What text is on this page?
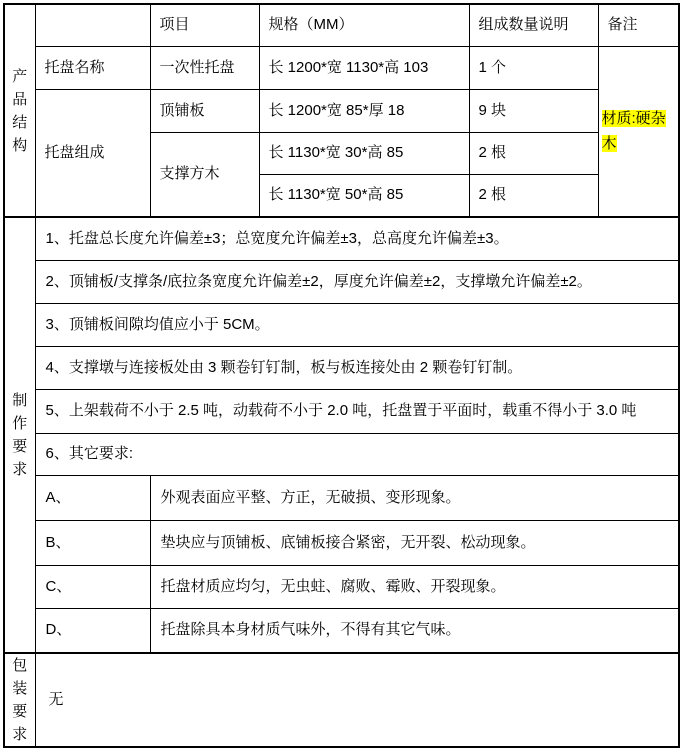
产品结构		项目	规格（MM）	组成数量说明	备注
	托盘名称	一次性托盘	长 1200*宽 1130*高 103	1 个	材质:硬杂木
	托盘组成	顶铺板	长 1200*宽 85*厚 18	9 块	
		支撑方木	长 1130*宽 30*高 85	2 根	
			长 1130*宽 50*高 85	2 根	

制作要求	1、托盘总长度允许偏差±3；总宽度允许偏差±3，总高度允许偏差±3。				
	2、顶铺板/支撑条/底拉条宽度允许偏差±2，厚度允许偏差±2，支撑墩允许偏差±2。				
	3、顶铺板间隙均值应小于 5CM。				
	4、支撑墩与连接板处由 3 颗卷钉钉制，板与板连接处由 2 颗卷钉钉制。				
	5、上架载荷不小于 2.5 吨，动载荷不小于 2.0 吨，托盘置于平面时，载重不得小于 3.0 吨				
	6、其它要求:				
	A、	外观表面应平整、方正，无破损、变形现象。			
	B、	垫块应与顶铺板、底铺板接合紧密，无开裂、松动现象。			
	C、	托盘材质应均匀，无虫蛀、腐败、霉败、开裂现象。			
	D、	托盘除具本身材质气味外，不得有其它气味。			

包装要求	无				
